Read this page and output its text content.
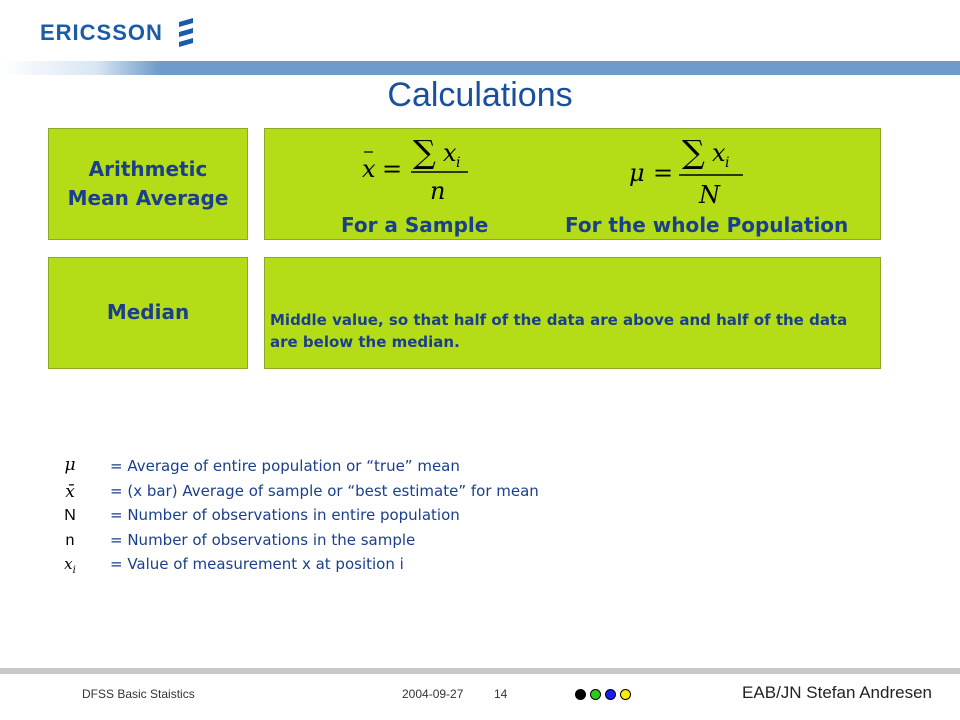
ERICSSON
Calculations
Arithmetic
Mean Average
x = ∑ x i
n
μ =
∑ x i
N
For a Sample	For the whole Population
Median	Middle value, so that half of the data are above and half of the data are below the median.
μ = Average of entire population or “true” mean
x̄ = (x bar) Average of sample or “best estimate” for mean
N	= Number of observations in entire population
n	= Number of observations in the sample
$x_i$ = Value of measurement x at position i
DFSS Basic Staistics	2004-09-27	14	EAB/JN Stefan Andresen
